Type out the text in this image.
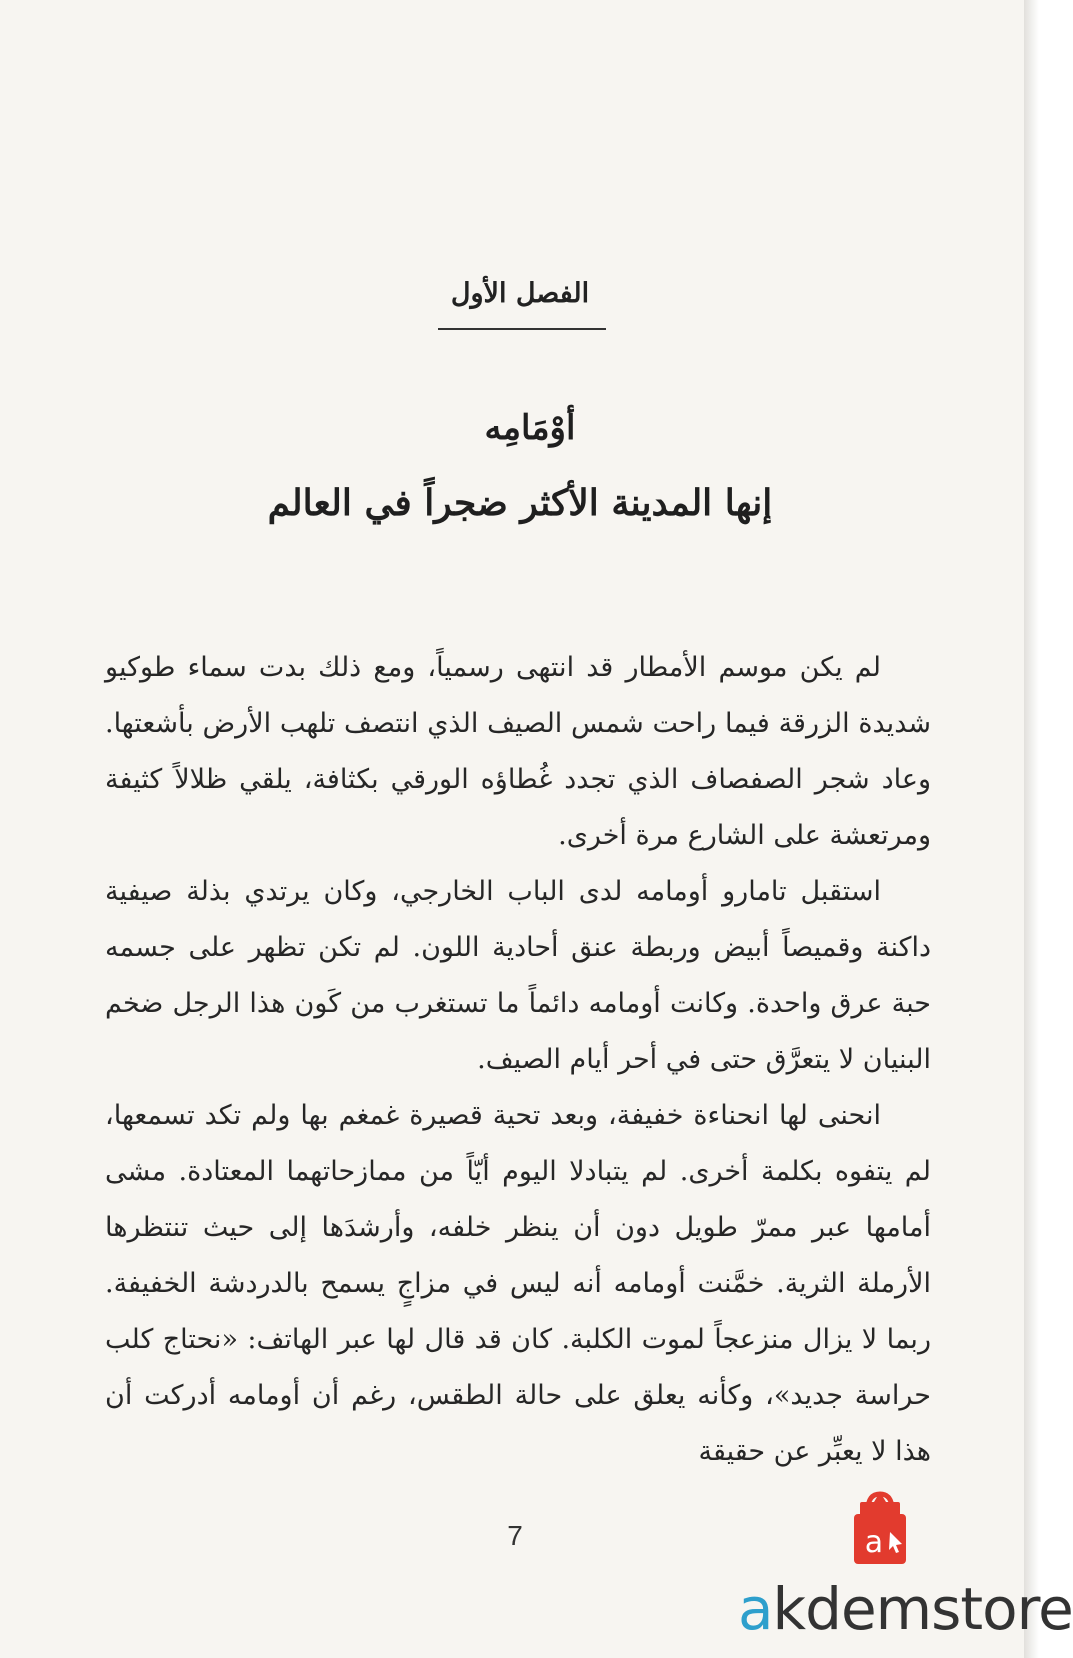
الفصل الأول
أوْمَامِه
إنها المدينة الأكثر ضجراً في العالم

لم يكن موسم الأمطار قد انتهى رسمياً، ومع ذلك بدت سماء طوكيو شديدة الزرقة فيما راحت شمس الصيف الذي انتصف تلهب الأرض بأشعتها. وعاد شجر الصفصاف الذي تجدد غُطاؤه الورقي بكثافة، يلقي ظلالاً كثيفة ومرتعشة على الشارع مرة أخرى.

استقبل تامارو أومامه لدى الباب الخارجي، وكان يرتدي بذلة صيفية داكنة وقميصاً أبيض وربطة عنق أحادية اللون. لم تكن تظهر على جسمه حبة عرق واحدة. وكانت أومامه دائماً ما تستغرب من كَون هذا الرجل ضخم البنيان لا يتعرَّق حتى في أحر أيام الصيف.

انحنى لها انحناءة خفيفة، وبعد تحية قصيرة غمغم بها ولم تكد تسمعها، لم يتفوه بكلمة أخرى. لم يتبادلا اليوم أيّاً من ممازحاتهما المعتادة. مشى أمامها عبر ممرّ طويل دون أن ينظر خلفه، وأرشدَها إلى حيث تنتظرها الأرملة الثرية. خمَّنت أومامه أنه ليس في مزاجٍ يسمح بالدردشة الخفيفة. ربما لا يزال منزعجاً لموت الكلبة. كان قد قال لها عبر الهاتف: «نحتاج كلب حراسة جديد»، وكأنه يعلق على حالة الطقس، رغم أن أومامه أدركت أن هذا لا يعبِّر عن حقيقة

7	a
akdemstore
